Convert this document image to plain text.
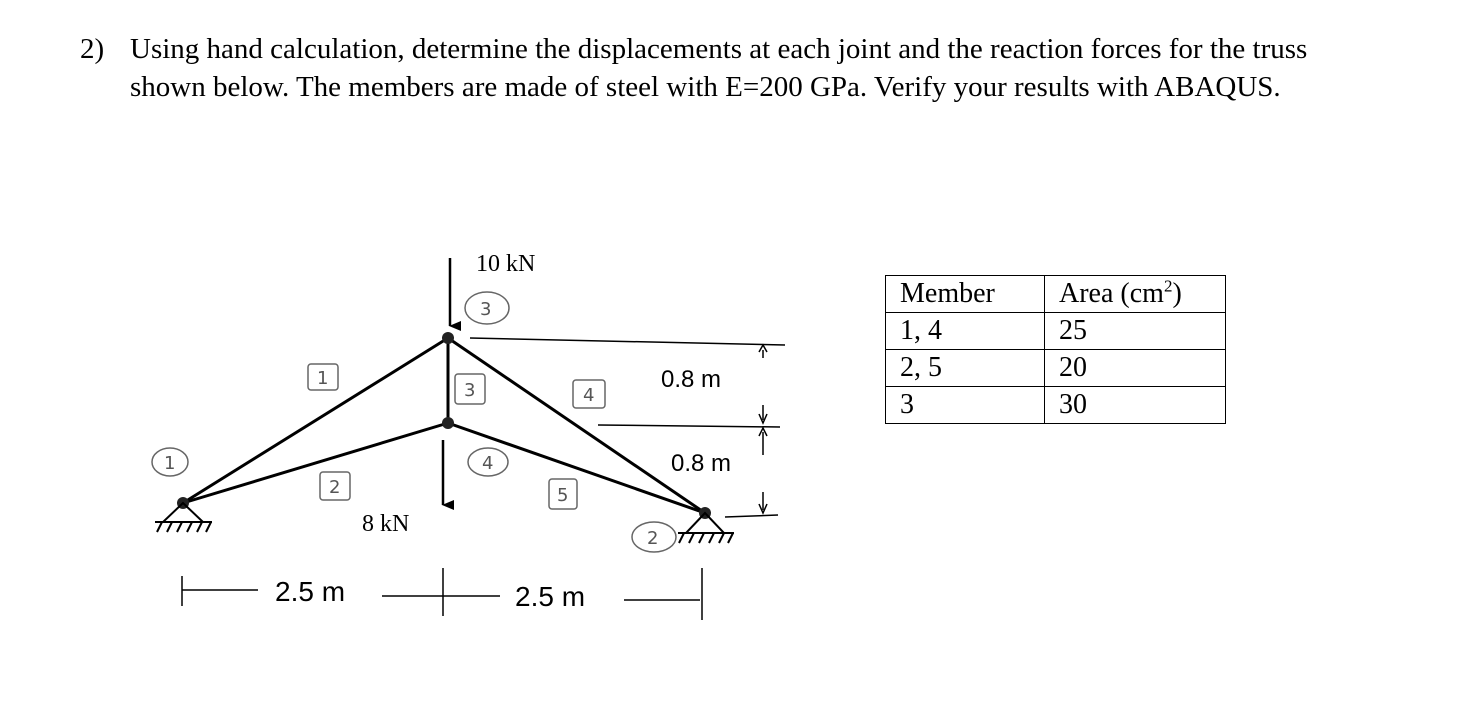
2) Using hand calculation, determine the displacements at each joint and the reaction forces for the truss shown below. The members are made of steel with E=200 GPa. Verify your results with ABAQUS.
10 kN
8 kN
0.8 m
0.8 m
2.5 m	2.5 m
1
3
4
2
1
2
3	4
5
Member	Area $(cm^2)$
1, 4	25
2, 5	20
3	30
